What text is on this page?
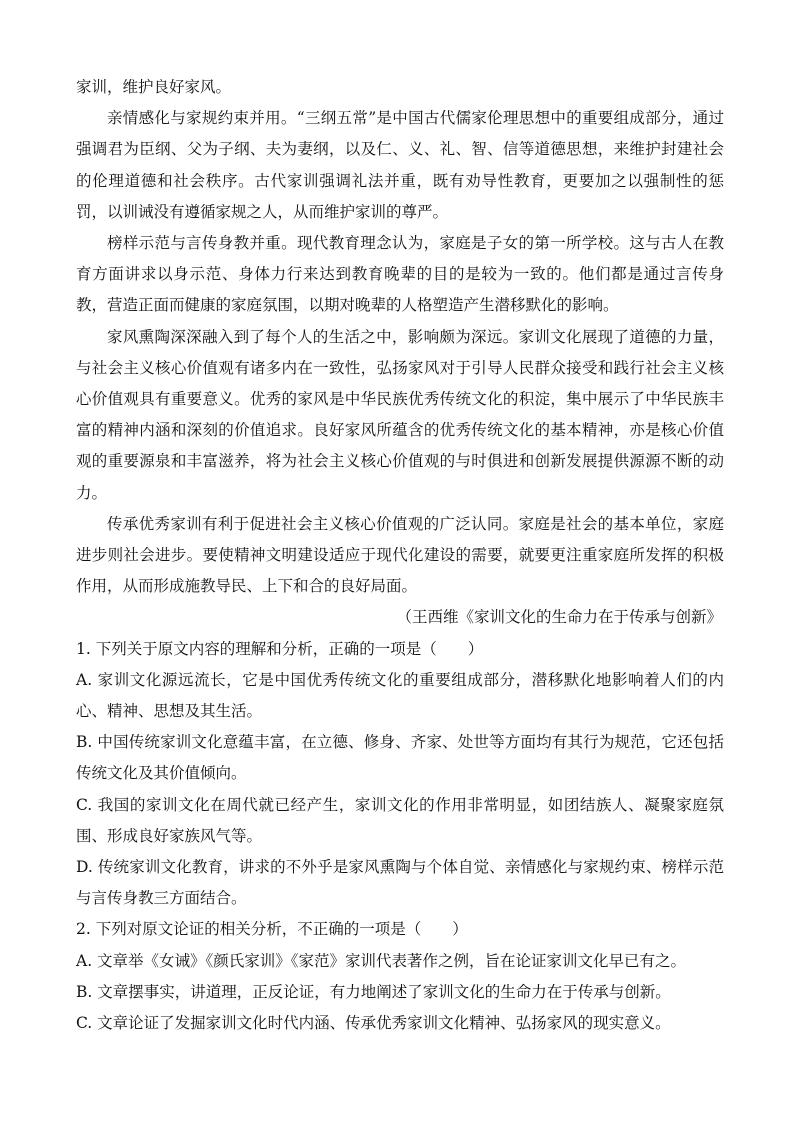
家训，维护良好家风。

亲情感化与家规约束并用。“三纲五常”是中国古代儒家伦理思想中的重要组成部分，通过强调君为臣纲、父为子纲、夫为妻纲，以及仁、义、礼、智、信等道德思想，来维护封建社会的伦理道德和社会秩序。古代家训强调礼法并重，既有劝导性教育，更要加之以强制性的惩罚，以训诫没有遵循家规之人，从而维护家训的尊严。

榜样示范与言传身教并重。现代教育理念认为，家庭是子女的第一所学校。这与古人在教育方面讲求以身示范、身体力行来达到教育晚辈的目的是较为一致的。他们都是通过言传身教，营造正面而健康的家庭氛围，以期对晚辈的人格塑造产生潜移默化的影响。

家风熏陶深深融入到了每个人的生活之中，影响颇为深远。家训文化展现了道德的力量，与社会主义核心价值观有诸多内在一致性，弘扬家风对于引导人民群众接受和践行社会主义核心价值观具有重要意义。优秀的家风是中华民族优秀传统文化的积淀，集中展示了中华民族丰富的精神内涵和深刻的价值追求。良好家风所蕴含的优秀传统文化的基本精神，亦是核心价值观的重要源泉和丰富滋养，将为社会主义核心价值观的与时俱进和创新发展提供源源不断的动力。

传承优秀家训有利于促进社会主义核心价值观的广泛认同。家庭是社会的基本单位，家庭进步则社会进步。要使精神文明建设适应于现代化建设的需要，就要更注重家庭所发挥的积极作用，从而形成施教导民、上下和合的良好局面。

（王西维《家训文化的生命力在于传承与创新》

1. 下列关于原文内容的理解和分析，正确的一项是（　　）

A. 家训文化源远流长，它是中国优秀传统文化的重要组成部分，潜移默化地影响着人们的内心、精神、思想及其生活。

B. 中国传统家训文化意蕴丰富，在立德、修身、齐家、处世等方面均有其行为规范，它还包括传统文化及其价值倾向。

C. 我国的家训文化在周代就已经产生，家训文化的作用非常明显，如团结族人、凝聚家庭氛围、形成良好家族风气等。

D. 传统家训文化教育，讲求的不外乎是家风熏陶与个体自觉、亲情感化与家规约束、榜样示范与言传身教三方面结合。

2. 下列对原文论证的相关分析，不正确的一项是（　　）

A. 文章举《女诫》《颜氏家训》《家范》家训代表著作之例，旨在论证家训文化早已有之。

B. 文章摆事实，讲道理，正反论证，有力地阐述了家训文化的生命力在于传承与创新。

C. 文章论证了发掘家训文化时代内涵、传承优秀家训文化精神、弘扬家风的现实意义。
